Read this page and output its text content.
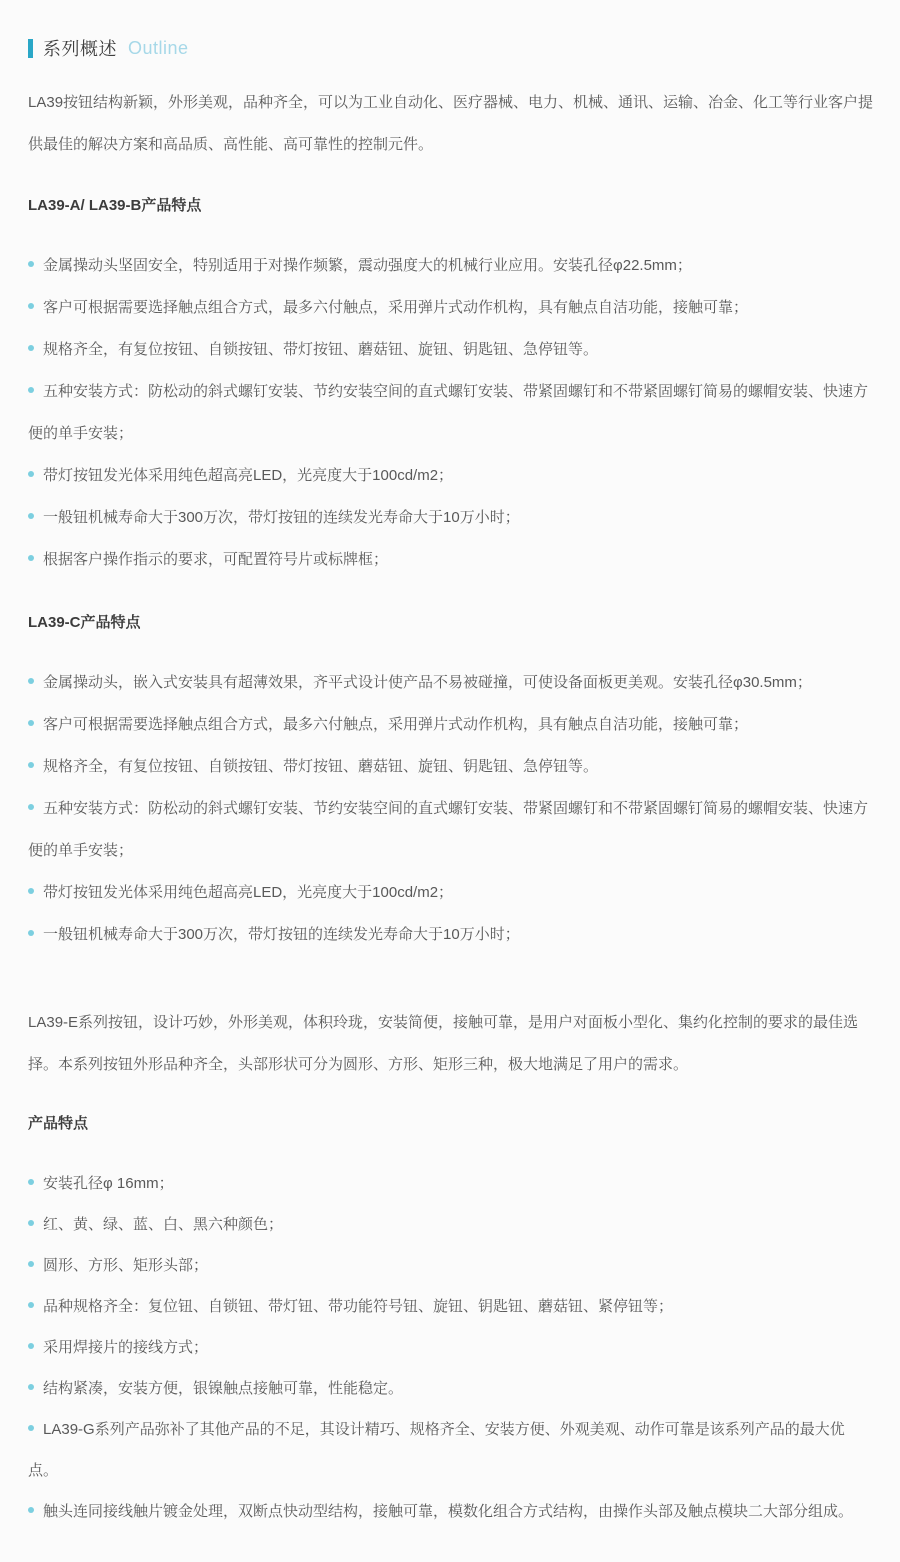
系列概述 Outline

LA39按钮结构新颖，外形美观，品种齐全，可以为工业自动化、医疗器械、电力、机械、通讯、运输、冶金、化工等行业客户提供最佳的解决方案和高品质、高性能、高可靠性的控制元件。

LA39-A/ LA39-B产品特点
金属操动头坚固安全，特别适用于对操作频繁，震动强度大的机械行业应用。安装孔径φ22.5mm；
客户可根据需要选择触点组合方式，最多六付触点，采用弹片式动作机构，具有触点自洁功能，接触可靠；
规格齐全，有复位按钮、自锁按钮、带灯按钮、蘑菇钮、旋钮、钥匙钮、急停钮等。
五种安装方式：防松动的斜式螺钉安装、节约安装空间的直式螺钉安装、带紧固螺钉和不带紧固螺钉简易的螺帽安装、快速方便的单手安装；
带灯按钮发光体采用纯色超高亮LED，光亮度大于100cd/m2；
一般钮机械寿命大于300万次，带灯按钮的连续发光寿命大于10万小时；
根据客户操作指示的要求，可配置符号片或标牌框；
LA39-C产品特点
金属操动头，嵌入式安装具有超薄效果，齐平式设计使产品不易被碰撞，可使设备面板更美观。安装孔径φ30.5mm；
客户可根据需要选择触点组合方式，最多六付触点，采用弹片式动作机构，具有触点自洁功能，接触可靠；
规格齐全，有复位按钮、自锁按钮、带灯按钮、蘑菇钮、旋钮、钥匙钮、急停钮等。
五种安装方式：防松动的斜式螺钉安装、节约安装空间的直式螺钉安装、带紧固螺钉和不带紧固螺钉简易的螺帽安装、快速方便的单手安装；
带灯按钮发光体采用纯色超高亮LED，光亮度大于100cd/m2；
一般钮机械寿命大于300万次，带灯按钮的连续发光寿命大于10万小时；

LA39-E系列按钮，设计巧妙，外形美观，体积玲珑，安装简便，接触可靠，是用户对面板小型化、集约化控制的要求的最佳选择。本系列按钮外形品种齐全，头部形状可分为圆形、方形、矩形三种，极大地满足了用户的需求。

产品特点
安装孔径φ 16mm；
红、黄、绿、蓝、白、黑六种颜色；
圆形、方形、矩形头部；
品种规格齐全：复位钮、自锁钮、带灯钮、带功能符号钮、旋钮、钥匙钮、蘑菇钮、紧停钮等；
采用焊接片的接线方式；
结构紧凑，安装方便，银镍触点接触可靠，性能稳定。
LA39-G系列产品弥补了其他产品的不足，其设计精巧、规格齐全、安装方便、外观美观、动作可靠是该系列产品的最大优点。
触头连同接线触片镀金处理，双断点快动型结构，接触可靠，模数化组合方式结构，由操作头部及触点模块二大部分组成。
